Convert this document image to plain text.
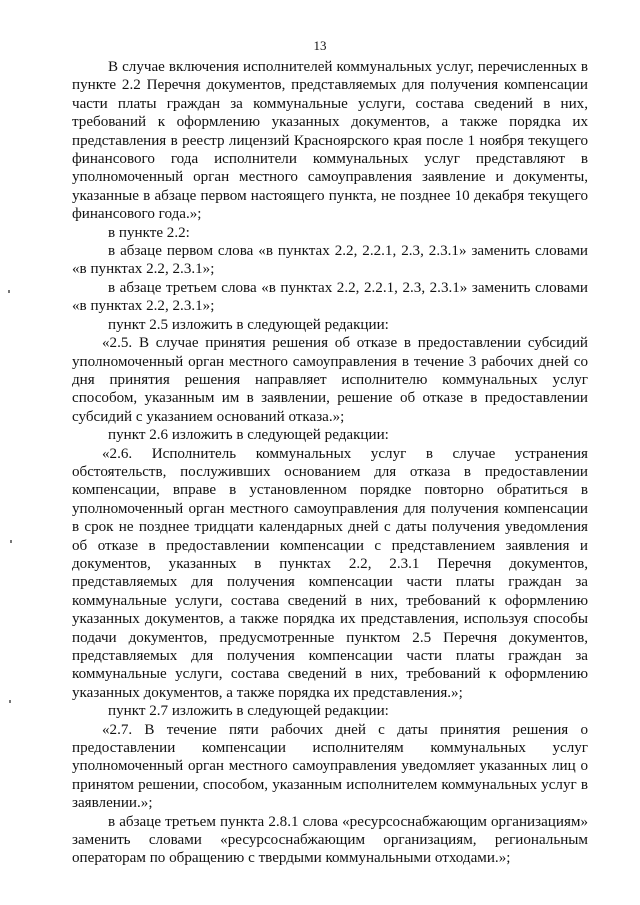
13

В случае включения исполнителей коммунальных услуг, перечисленных в пункте 2.2 Перечня документов, представляемых для получения компенсации части платы граждан за коммунальные услуги, состава сведений в них, требований к оформлению указанных документов, а также порядка их представления в реестр лицензий Красноярского края после 1 ноября текущего финансового года исполнители коммунальных услуг представляют в уполномоченный орган местного самоуправления заявление и документы, указанные в абзаце первом настоящего пункта, не позднее 10 декабря текущего финансового года.»;

в пункте 2.2:

в абзаце первом слова «в пунктах 2.2, 2.2.1, 2.3, 2.3.1» заменить словами «в пунктах 2.2, 2.3.1»;

в абзаце третьем слова «в пунктах 2.2, 2.2.1, 2.3, 2.3.1» заменить словами «в пунктах 2.2, 2.3.1»;

пункт 2.5 изложить в следующей редакции:

«2.5. В случае принятия решения об отказе в предоставлении субсидий уполномоченный орган местного самоуправления в течение 3 рабочих дней со дня принятия решения направляет исполнителю коммунальных услуг способом, указанным им в заявлении, решение об отказе в предоставлении субсидий с указанием оснований отказа.»;

пункт 2.6 изложить в следующей редакции:

«2.6. Исполнитель коммунальных услуг в случае устранения обстоятельств, послуживших основанием для отказа в предоставлении компенсации, вправе в установленном порядке повторно обратиться в уполномоченный орган местного самоуправления для получения компенсации в срок не позднее тридцати календарных дней с даты получения уведомления об отказе в предоставлении компенсации с представлением заявления и документов, указанных в пунктах 2.2, 2.3.1 Перечня документов, представляемых для получения компенсации части платы граждан за коммунальные услуги, состава сведений в них, требований к оформлению указанных документов, а также порядка их представления, используя способы подачи документов, предусмотренные пунктом 2.5 Перечня документов, представляемых для получения компенсации части платы граждан за коммунальные услуги, состава сведений в них, требований к оформлению указанных документов, а также порядка их представления.»;

пункт 2.7 изложить в следующей редакции:

«2.7. В течение пяти рабочих дней с даты принятия решения о предоставлении компенсации исполнителям коммунальных услуг уполномоченный орган местного самоуправления уведомляет указанных лиц о принятом решении, способом, указанным исполнителем коммунальных услуг в заявлении.»;

в абзаце третьем пункта 2.8.1 слова «ресурсоснабжающим организациям» заменить словами «ресурсоснабжающим организациям, региональным операторам по обращению с твердыми коммунальными отходами.»;
